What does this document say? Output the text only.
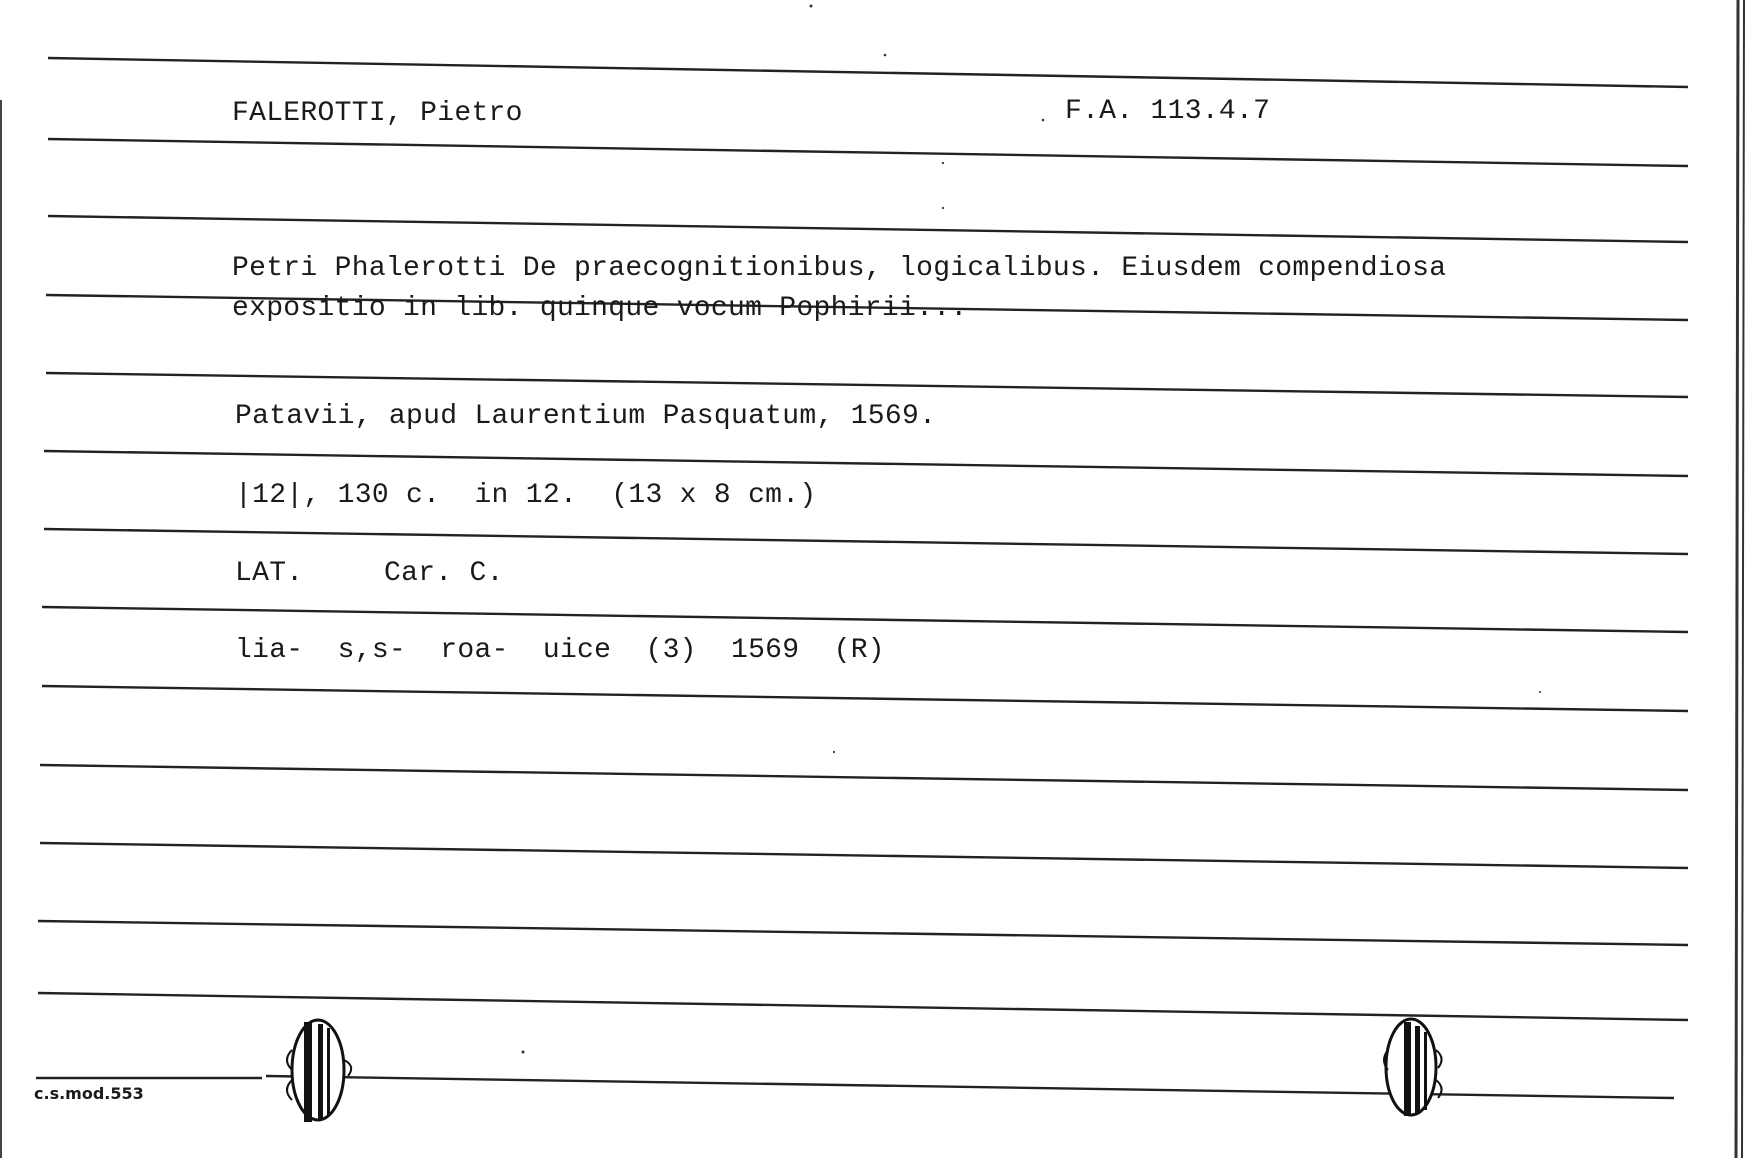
FALEROTTI, Pietro	F.A. 113.4.7
Petri Phalerotti De praecognitionibus, logicalibus. Eiusdem compendiosa
expositio in lib. quinque vocum Pophirii...
Patavii, apud Laurentium Pasquatum, 1569.
|12|, 130 c.  in 12.  (13 x 8 cm.)
LAT.	Car. C.
lia-  s,s-  roa-  uice  (3)  1569  (R)
c.s.mod.553
